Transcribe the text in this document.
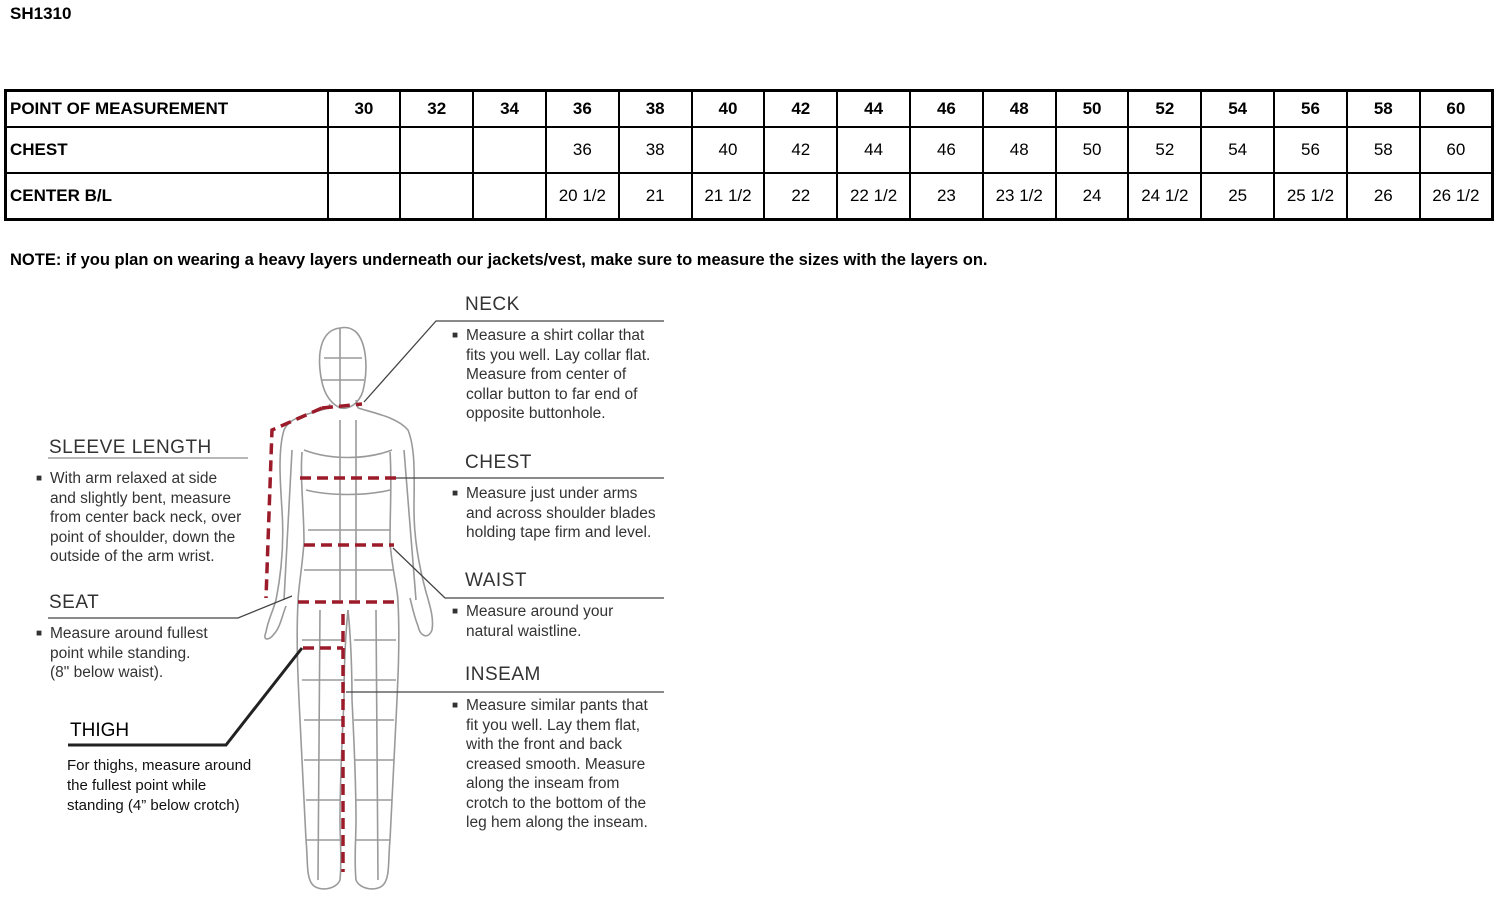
SH1310
POINT OF MEASUREMENT	30	32	34	36	38	40	42	44	46	48	50	52	54	56	58	60
CHEST				36	38	40	42	44	46	48	50	52	54	56	58	60
CENTER B/L				20 1/2	21	21 1/2	22	22 1/2	23	23 1/2	24	24 1/2	25	25 1/2	26	26 1/2
NOTE: if you plan on wearing a heavy layers underneath our jackets/vest, make sure to measure the sizes with the layers on.
NECK
■ Measure a shirt collar that
fits you well. Lay collar flat.
Measure from center of
collar button to far end of
opposite buttonhole.
CHEST
■ Measure just under arms
and across shoulder blades
holding tape firm and level.
WAIST
■ Measure around your
natural waistline.
INSEAM
■ Measure similar pants that
fit you well. Lay them flat,
with the front and back
creased smooth. Measure
along the inseam from
crotch to the bottom of the
leg hem along the inseam.
SLEEVE LENGTH
■ With arm relaxed at side
and slightly bent, measure
from center back neck, over
point of shoulder, down the
outside of the arm wrist.
SEAT
■ Measure around fullest
point while standing.
(8" below waist).
THIGH
For thighs, measure around
the fullest point while
standing (4” below crotch)
